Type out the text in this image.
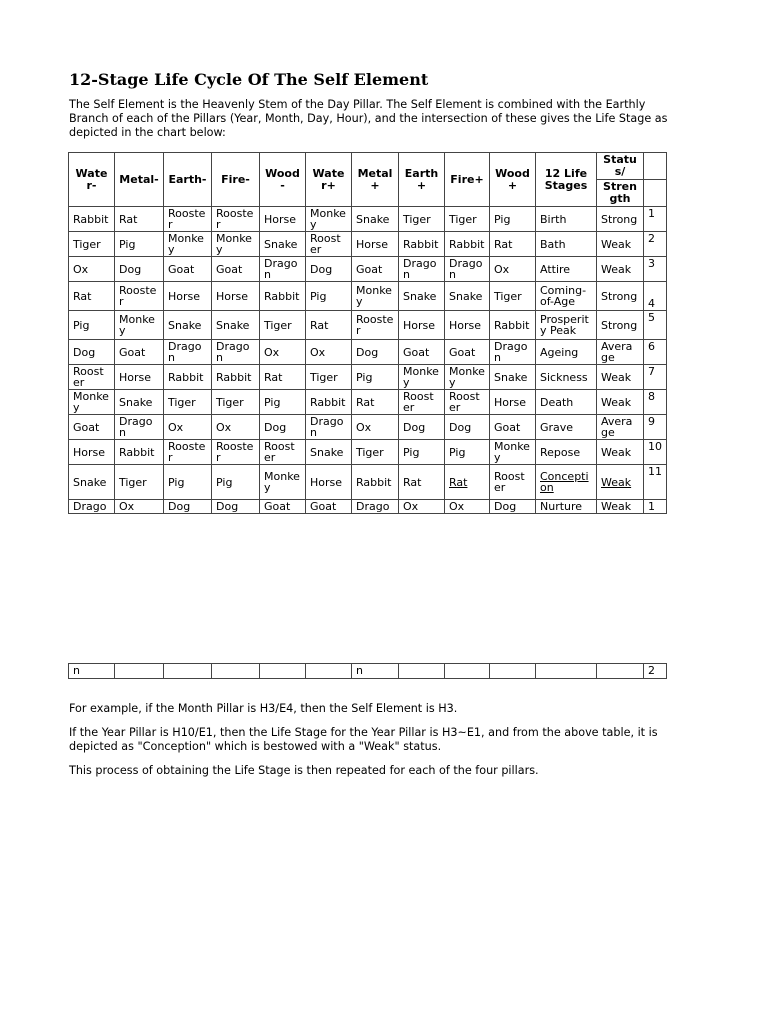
12-Stage Life Cycle Of The Self Element
The Self Element is the Heavenly Stem of the Day Pillar. The Self Element is combined with the Earthly Branch of each of the Pillars (Year, Month, Day, Hour), and the intersection of these gives the Life Stage as depicted in the chart below:
Water-	Metal-	Earth-	Fire-	Wood-	Water+	Metal+	Earth+	Fire+	Wood+	12 Life Stages	Status/	
											Strength	
Rabbit	Rat	Rooster	Rooster	Horse	Monkey	Snake	Tiger	Tiger	Pig	Birth	Strong	1
Tiger	Pig	Monkey	Monkey	Snake	Rooster	Horse	Rabbit	Rabbit	Rat	Bath	Weak	2
Ox	Dog	Goat	Goat	Dragon	Dog	Goat	Dragon	Dragon	Ox	Attire	Weak	3
Rat	Rooster	Horse	Horse	Rabbit	Pig	Monkey	Snake	Snake	Tiger	Coming-of-Age	Strong	4
Pig	Monkey	Snake	Snake	Tiger	Rat	Rooster	Horse	Horse	Rabbit	Prosperity Peak	Strong	5
Dog	Goat	Dragon	Dragon	Ox	Ox	Dog	Goat	Goat	Dragon	Ageing	Average	6
Rooster	Horse	Rabbit	Rabbit	Rat	Tiger	Pig	Monkey	Monkey	Snake	Sickness	Weak	7
Monkey	Snake	Tiger	Tiger	Pig	Rabbit	Rat	Rooster	Rooster	Horse	Death	Weak	8
Goat	Dragon	Ox	Ox	Dog	Dragon	Ox	Dog	Dog	Goat	Grave	Average	9
Horse	Rabbit	Rooster	Rooster	Rooster	Snake	Tiger	Pig	Pig	Monkey	Repose	Weak	10
Snake	Tiger	Pig	Pig	Monkey	Horse	Rabbit	Rat	Rat	Rooster	Conception	Weak	11
Drago	Ox	Dog	Dog	Goat	Goat	Drago	Ox	Ox	Dog	Nurture	Weak	1
n						n						2
For example, if the Month Pillar is H3/E4, then the Self Element is H3.
If the Year Pillar is H10/E1, then the Life Stage for the Year Pillar is H3~E1, and from the above table, it is depicted as "Conception" which is bestowed with a "Weak" status.
This process of obtaining the Life Stage is then repeated for each of the four pillars.
